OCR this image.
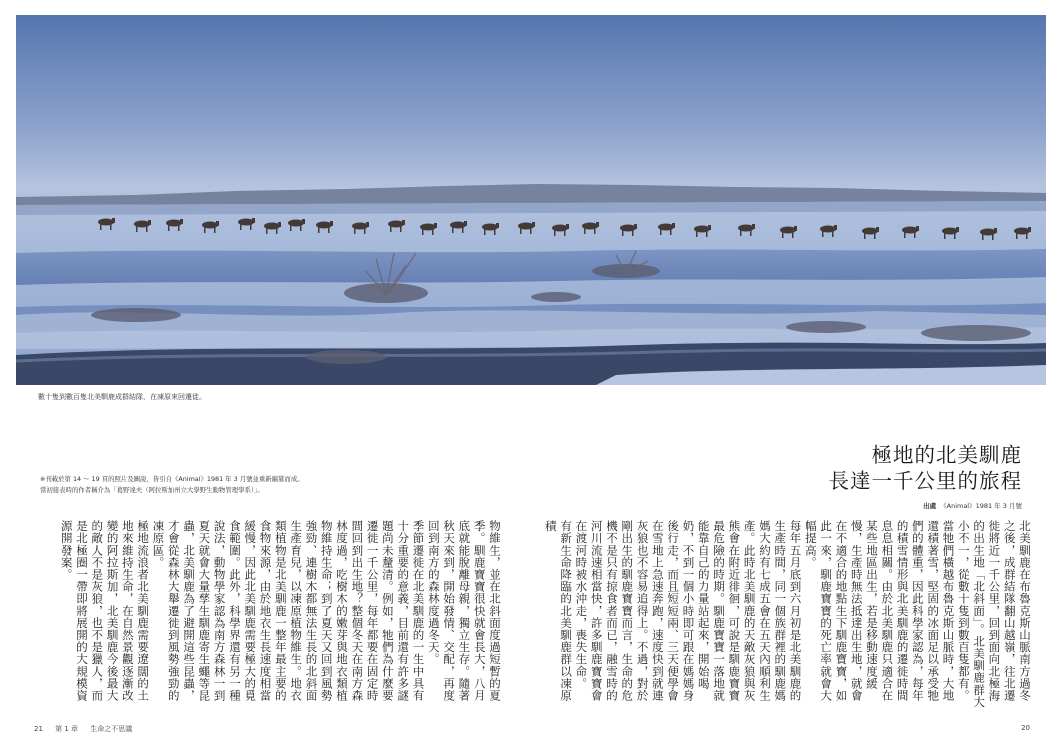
數十隻到數百隻北美馴鹿成群結隊，在凍原來回遷徙。
極地的北美馴鹿
長達一千公里的旅程
出處 《Animal》1981 年 3 月號
※刊載於第 14 ～ 19 頁的照片及圖說，皆引自《Animal》1981 年 3 月號並重新編纂而成。
當初接表時的作者稱介為「葛野達夫（阿拉斯加州立大學野生動物管理學系）」。

北美馴鹿在布魯克斯山脈南方過冬之後，成群結隊翻山越嶺，往北遷徙將近一千公里，回到面向北極海的出生地「北斜面」。北美馴鹿群大小不一，從數十隻到數百隻都有。當牠們橫越布魯克斯山脈時，大地還積著雪，堅固的冰面足以承受牠們的體重，因此科學家認為，每年的積雪情形與北美馴鹿的遷徙時間息息相關。由於北美馴鹿只適合在某些地區出生，若是移動速度緩慢，生產時無法抵達出生地，就會在不適合的地點生下馴鹿寶寶，如此一來，馴鹿寶寶的死亡率就會大幅提高。

每年五月底到六月初是北美馴鹿的生產時間，同一個族群裡的馴鹿媽媽大約有七成五會在五天內順利生產。此時北美馴鹿的天敵灰狼與灰熊會在附近徘徊，可說是馴鹿寶寶最危險的時期。馴鹿寶寶一落地就能靠自己的力量站起來，開始喝奶，不到一個小時即可跟在媽媽身後行走，而且短短兩、三天便學會在雪地上急速奔跑，速度快到就連灰狼也不容易追得上。不過，對於剛出生的馴鹿寶寶而言，生命的危機不是只有掠食者而已，融雪時的河川流速相當快，許多馴鹿寶寶會在渡河時被水沖走，喪失生命。

有新生命降臨的北美馴鹿群以凍原積

物維生，並在北斜面度過短暫的夏季。馴鹿寶寶很快就會長大，八月底就能脫離母親，獨立生存。隨著秋天來到，開始發情、交配，再度回到南方的森林度過冬天。

季節遷徙在北美馴鹿的一生中具有十分重要的意義，目前還有許多謎題尚未釐清。例如，牠們為什麼要遷徙一千公里，每年都要在固定時間回到出生地？整個冬天在南方森林度過，吃樹木的嫩芽與地衣類植物維持生命；到了夏天又回到風勢強勁、連樹木都無法生長的北斜面生產育兒，以凍原植物維生。地衣類植物是北美馴鹿一整年最主要的食物來源，由於地衣生長速度相當緩慢，因此北美馴鹿需要極大的覓食範圍。此外，科學界還有另一種說法，動物學家認為南方森林一到夏天就會大量孳生馴鹿寄生蠅等昆蟲，北美馴鹿為了避開這些昆蟲，才會從森林大舉遷徙到風勢強勁的凍原區。

極地流浪者北美馴鹿需要遼闊的土地來維持生命，在自然景觀逐漸改變的阿拉斯加，北美馴鹿今後最大的敵人不是灰狼，也不是獵人，而是北極圈一帶即將展開的大規模資源開發案。

21 第 1 章 生命之不思議	20
